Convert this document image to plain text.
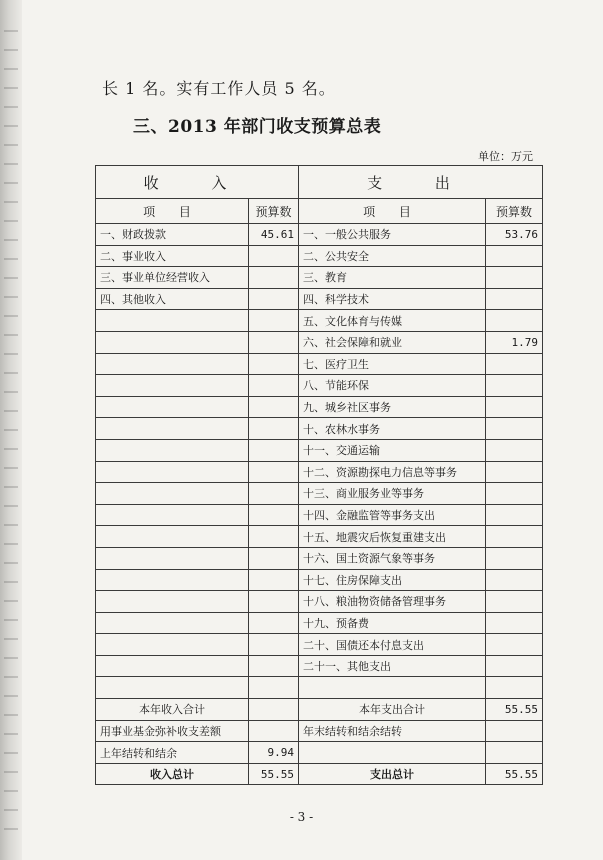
长 1 名。实有工作人员 5 名。
三、2013 年部门收支预算总表
单位：万元
收 入		支 出	
项 目	预算数	项 目	预算数
一、财政拨款	45.61	一、一般公共服务	53.76
二、事业收入		二、公共安全	
三、事业单位经营收入		三、教育	
四、其他收入		四、科学技术	
		五、文化体育与传媒	
		六、社会保障和就业	1.79
		七、医疗卫生	
		八、节能环保	
		九、城乡社区事务	
		十、农林水事务	
		十一、交通运输	
		十二、资源勘探电力信息等事务	
		十三、商业服务业等事务	
		十四、金融监管等事务支出	
		十五、地震灾后恢复重建支出	
		十六、国土资源气象等事务	
		十七、住房保障支出	
		十八、粮油物资储备管理事务	
		十九、预备费	
		二十、国债还本付息支出	
		二十一、其他支出	

本年收入合计		本年支出合计	55.55
用事业基金弥补收支差额		年末结转和结余结转	
上年结转和结余	9.94		
收入总计	55.55	支出总计	55.55
- 3 -
